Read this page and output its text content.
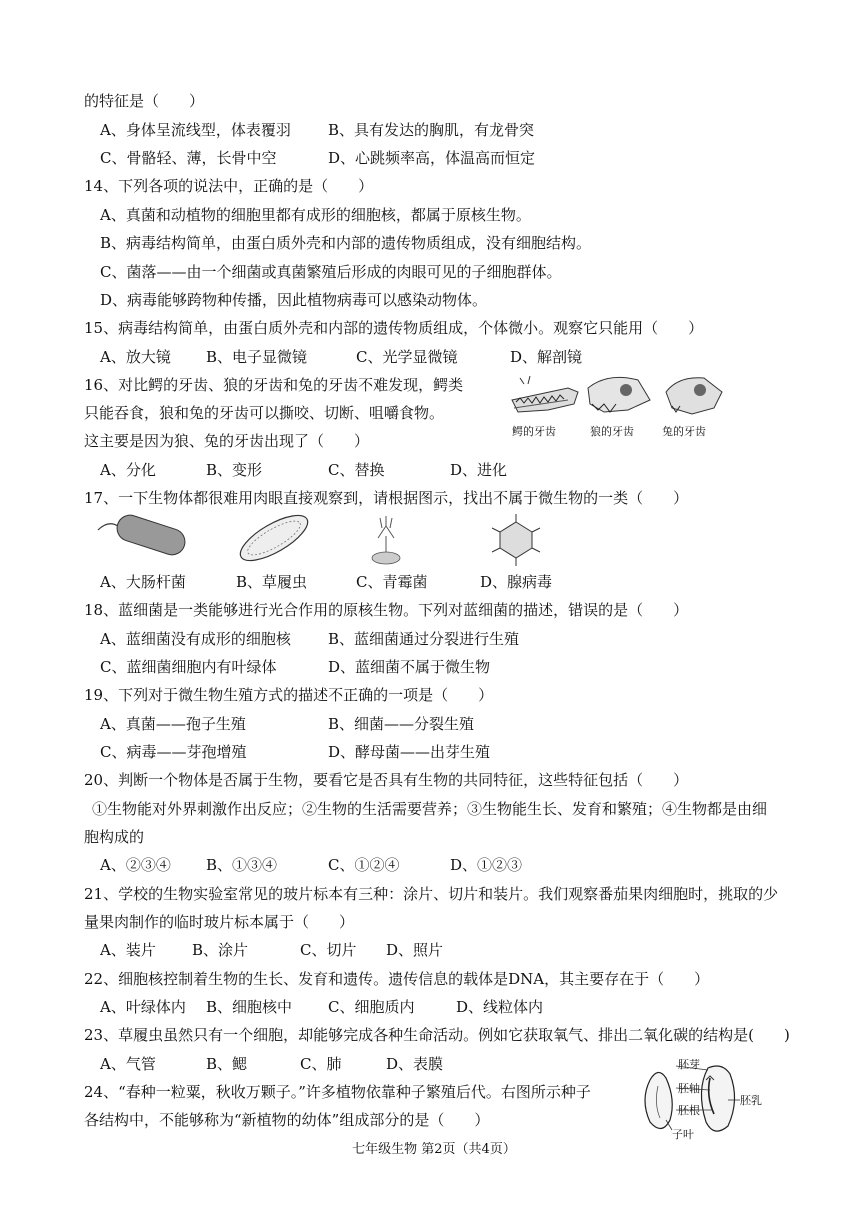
的特征是（　　）
A、身体呈流线型，体表覆羽 B、具有发达的胸肌，有龙骨突
C、骨骼轻、薄，长骨中空	D、心跳频率高，体温高而恒定
14、下列各项的说法中，正确的是（　　）
A、真菌和动植物的细胞里都有成形的细胞核，都属于原核生物。
B、病毒结构简单，由蛋白质外壳和内部的遗传物质组成，没有细胞结构。
C、菌落——由一个细菌或真菌繁殖后形成的肉眼可见的子细胞群体。
D、病毒能够跨物种传播，因此植物病毒可以感染动物体。
15、病毒结构简单，由蛋白质外壳和内部的遗传物质组成，个体微小。观察它只能用（　　）
A、放大镜 B、电子显微镜	C、光学显微镜	D、解剖镜
16、对比鳄的牙齿、狼的牙齿和兔的牙齿不难发现，鳄类
只能吞食，狼和兔的牙齿可以撕咬、切断、咀嚼食物。
这主要是因为狼、兔的牙齿出现了（　　）
鳄的牙齿	狼的牙齿	兔的牙齿
A、分化	B、变形	C、替换	D、进化
17、一下生物体都很难用肉眼直接观察到，请根据图示，找出不属于微生物的一类（　　）
A、大肠杆菌	B、草履虫	C、青霉菌	D、腺病毒
18、蓝细菌是一类能够进行光合作用的原核生物。下列对蓝细菌的描述，错误的是（　　）
A、蓝细菌没有成形的细胞核 B、蓝细菌通过分裂进行生殖
C、蓝细菌细胞内有叶绿体	D、蓝细菌不属于微生物
19、下列对于微生物生殖方式的描述不正确的一项是（　　）
A、真菌——孢子生殖	B、细菌——分裂生殖
C、病毒——芽孢增殖	D、酵母菌——出芽生殖
20、判断一个物体是否属于生物，要看它是否具有生物的共同特征，这些特征包括（　　）
①生物能对外界刺激作出反应；②生物的生活需要营养；③生物能生长、发育和繁殖；④生物都是由细
胞构成的
A、②③④ B、①③④	C、①②④	D、①②③
21、学校的生物实验室常见的玻片标本有三种：涂片、切片和装片。我们观察番茄果肉细胞时，挑取的少
量果肉制作的临时玻片标本属于（　　）
A、装片 B、涂片	C、切片 D、照片
22、细胞核控制着生物的生长、发育和遗传。遗传信息的载体是DNA，其主要存在于（　　）
A、叶绿体内 B、细胞核中 C、细胞质内	D、线粒体内
23、草履虫虽然只有一个细胞，却能够完成各种生命活动。例如它获取氧气、排出二氧化碳的结构是(　　)
A、气管	B、鳃	C、肺	D、表膜
24、“春种一粒粟，秋收万颗子。”许多植物依靠种子繁殖后代。右图所示种子
各结构中，不能够称为“新植物的幼体”组成部分的是（　　）
胚芽
胚轴
胚根
子叶
胚乳
七年级生物 第2页（共4页）
